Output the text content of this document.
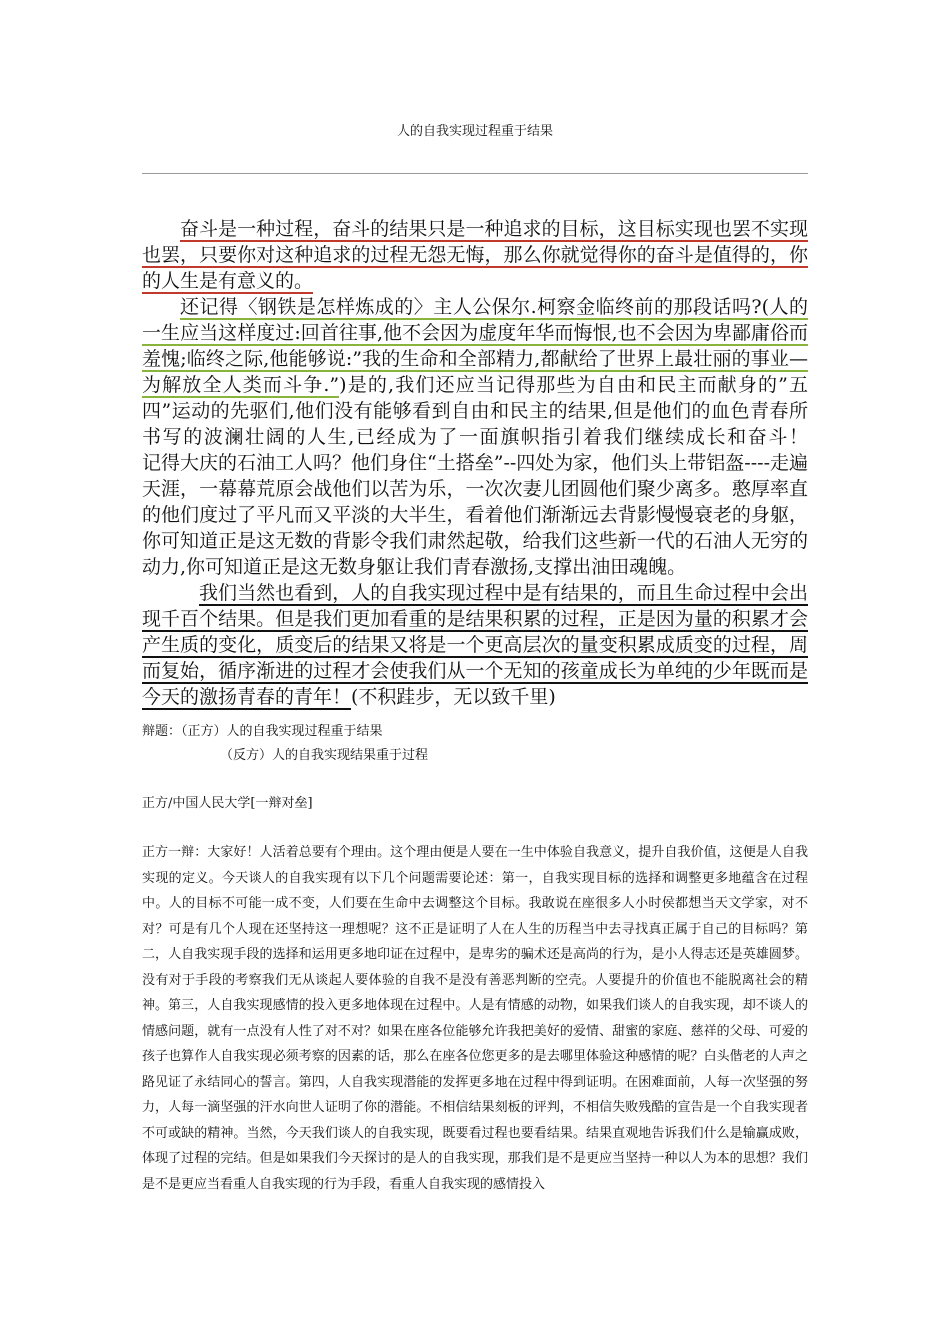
人的自我实现过程重于结果

奋斗是一种过程，奋斗的结果只是一种追求的目标，这目标实现也罢不实现也罢，只要你对这种追求的过程无怨无悔，那么你就觉得你的奋斗是值得的，你的人生是有意义的。

还记得〈钢铁是怎样炼成的〉主人公保尔.柯察金临终前的那段话吗?(人的一生应当这样度过:回首往事,他不会因为虚度年华而悔恨,也不会因为卑鄙庸俗而羞愧;临终之际,他能够说:”我的生命和全部精力,都献给了世界上最壮丽的事业—为解放全人类而斗争.”)是的,我们还应当记得那些为自由和民主而献身的”五四”运动的先驱们,他们没有能够看到自由和民主的结果,但是他们的血色青春所书写的波澜壮阔的人生,已经成为了一面旗帜指引着我们继续成长和奋斗！　　记得大庆的石油工人吗？他们身住“土搭垒”--四处为家，他们头上带铝盔----走遍天涯，一幕幕荒原会战他们以苦为乐，一次次妻儿团圆他们聚少离多。憨厚率直的他们度过了平凡而又平淡的大半生，看着他们渐渐远去背影慢慢衰老的身躯，你可知道正是这无数的背影令我们肃然起敬，给我们这些新一代的石油人无穷的动力,你可知道正是这无数身躯让我们青春激扬,支撑出油田魂魄。

我们当然也看到，人的自我实现过程中是有结果的，而且生命过程中会出现千百个结果。但是我们更加看重的是结果积累的过程，正是因为量的积累才会产生质的变化，质变后的结果又将是一个更高层次的量变积累成质变的过程，周而复始，循序渐进的过程才会使我们从一个无知的孩童成长为单纯的少年既而是今天的激扬青春的青年！(不积跬步，无以致千里)

辩题：（正方）人的自我实现过程重于结果

（反方）人的自我实现结果重于过程

正方/中国人民大学[一辩对垒]

正方一辩：大家好！人活着总要有个理由。这个理由便是人要在一生中体验自我意义，提升自我价值，这便是人自我实现的定义。今天谈人的自我实现有以下几个问题需要论述：第一，自我实现目标的选择和调整更多地蕴含在过程中。人的目标不可能一成不变，人们要在生命中去调整这个目标。我敢说在座很多人小时侯都想当天文学家，对不对？可是有几个人现在还坚持这一理想呢？这不正是证明了人在人生的历程当中去寻找真正属于自己的目标吗？第二，人自我实现手段的选择和运用更多地印证在过程中，是卑劣的骗术还是高尚的行为，是小人得志还是英雄圆梦。没有对于手段的考察我们无从谈起人要体验的自我不是没有善恶判断的空壳。人要提升的价值也不能脱离社会的精神。第三，人自我实现感情的投入更多地体现在过程中。人是有情感的动物，如果我们谈人的自我实现，却不谈人的情感问题，就有一点没有人性了对不对？如果在座各位能够允许我把美好的爱情、甜蜜的家庭、慈祥的父母、可爱的孩子也算作人自我实现必须考察的因素的话，那么在座各位您更多的是去哪里体验这种感情的呢？白头偕老的人声之路见证了永结同心的誓言。第四，人自我实现潜能的发挥更多地在过程中得到证明。在困难面前，人每一次坚强的努力，人每一滴坚强的汗水向世人证明了你的潜能。不相信结果刻板的评判，不相信失败残酷的宣告是一个自我实现者不可或缺的精神。当然，今天我们谈人的自我实现，既要看过程也要看结果。结果直观地告诉我们什么是输赢成败，体现了过程的完结。但是如果我们今天探讨的是人的自我实现，那我们是不是更应当坚持一种以人为本的思想？我们是不是更应当看重人自我实现的行为手段，看重人自我实现的感情投入
